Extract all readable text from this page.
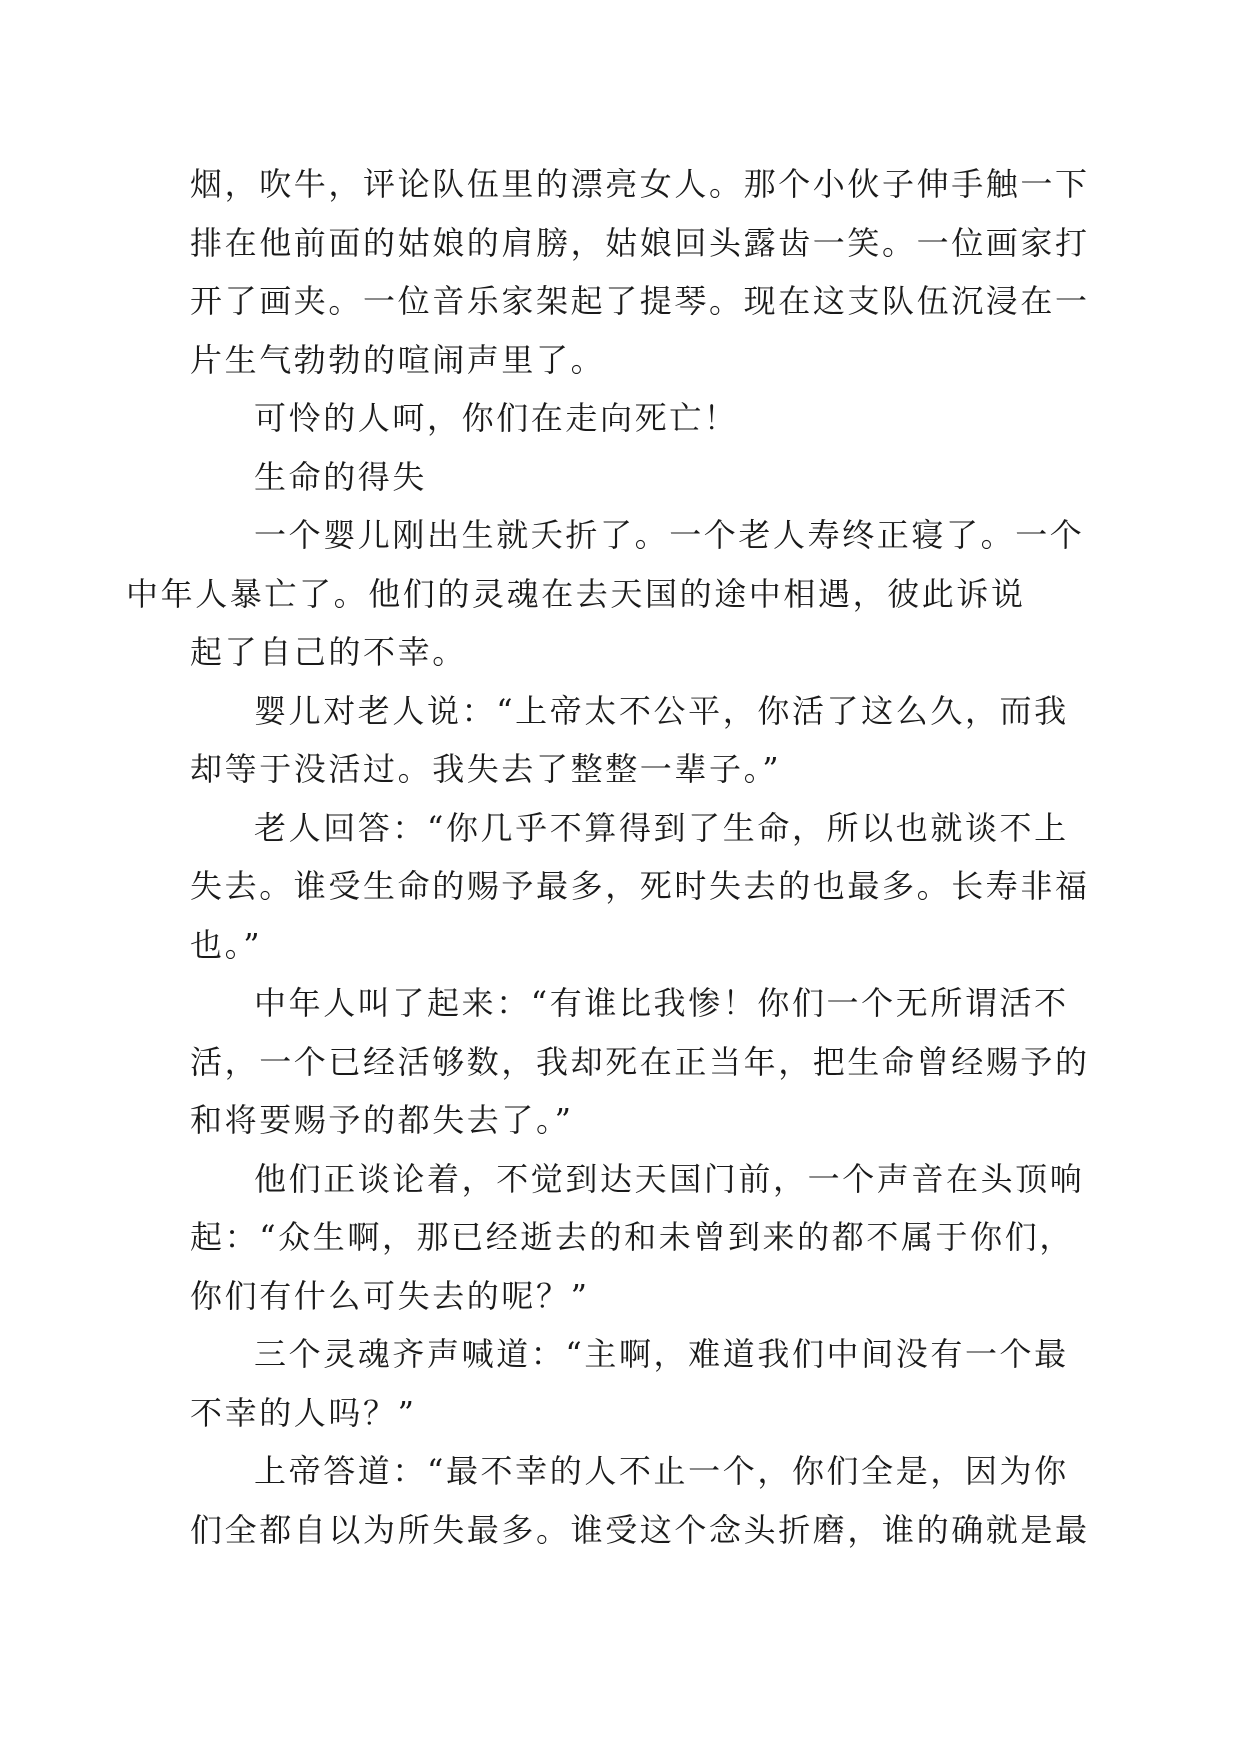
烟，吹牛，评论队伍里的漂亮女人。那个小伙子伸手触一下
排在他前面的姑娘的肩膀，姑娘回头露齿一笑。一位画家打
开了画夹。一位音乐家架起了提琴。现在这支队伍沉浸在一
片生气勃勃的喧闹声里了。

可怜的人呵，你们在走向死亡！

生命的得失

一个婴儿刚出生就夭折了。一个老人寿终正寝了。一个
中年人暴亡了。他们的灵魂在去天国的途中相遇，彼此诉说
起了自己的不幸。

婴儿对老人说：“上帝太不公平，你活了这么久，而我
却等于没活过。我失去了整整一辈子。”

老人回答：“你几乎不算得到了生命，所以也就谈不上
失去。谁受生命的赐予最多，死时失去的也最多。长寿非福
也。”

中年人叫了起来：“有谁比我惨！你们一个无所谓活不
活，一个已经活够数，我却死在正当年，把生命曾经赐予的
和将要赐予的都失去了。”

他们正谈论着，不觉到达天国门前，一个声音在头顶响
起：“众生啊，那已经逝去的和未曾到来的都不属于你们，
你们有什么可失去的呢？”

三个灵魂齐声喊道：“主啊，难道我们中间没有一个最
不幸的人吗？”

上帝答道：“最不幸的人不止一个，你们全是，因为你
们全都自以为所失最多。谁受这个念头折磨，谁的确就是最
